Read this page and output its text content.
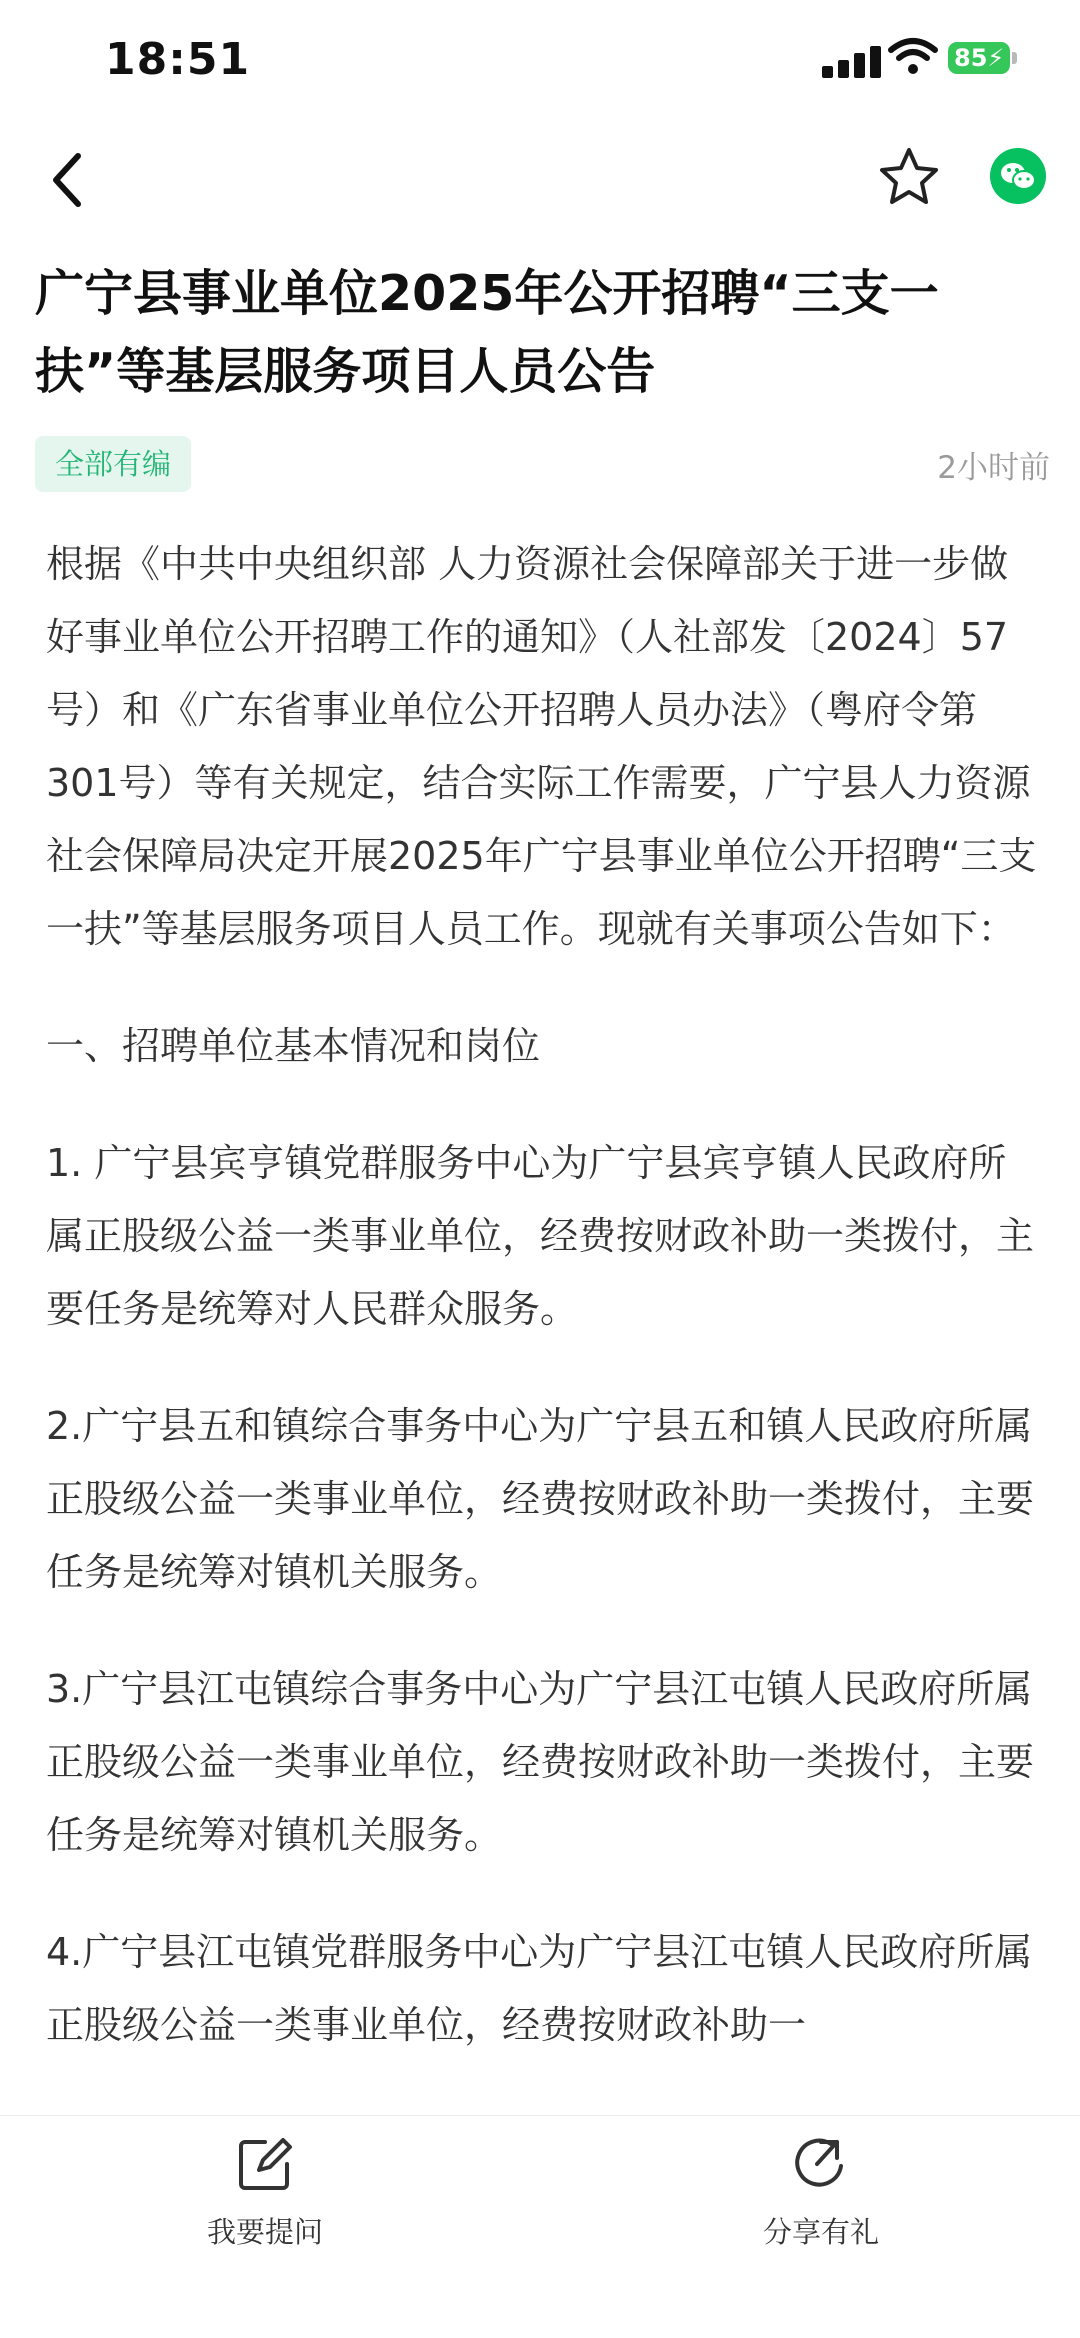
18:51	85⚡
广宁县事业单位2025年公开招聘“三支一扶”等基层服务项目人员公告
全部有编	2小时前

根据《中共中央组织部 人力资源社会保障部关于进一步做好事业单位公开招聘工作的通知》（人社部发〔2024〕57号）和《广东省事业单位公开招聘人员办法》（粤府令第301号）等有关规定，结合实际工作需要，广宁县人力资源社会保障局决定开展2025年广宁县事业单位公开招聘“三支一扶”等基层服务项目人员工作。现就有关事项公告如下：

一、招聘单位基本情况和岗位

1. 广宁县宾亨镇党群服务中心为广宁县宾亨镇人民政府所属正股级公益一类事业单位，经费按财政补助一类拨付，主要任务是统筹对人民群众服务。

2.广宁县五和镇综合事务中心为广宁县五和镇人民政府所属正股级公益一类事业单位，经费按财政补助一类拨付，主要任务是统筹对镇机关服务。

3.广宁县江屯镇综合事务中心为广宁县江屯镇人民政府所属正股级公益一类事业单位，经费按财政补助一类拨付，主要任务是统筹对镇机关服务。

4.广宁县江屯镇党群服务中心为广宁县江屯镇人民政府所属正股级公益一类事业单位，经费按财政补助一

我要提问	分享有礼
